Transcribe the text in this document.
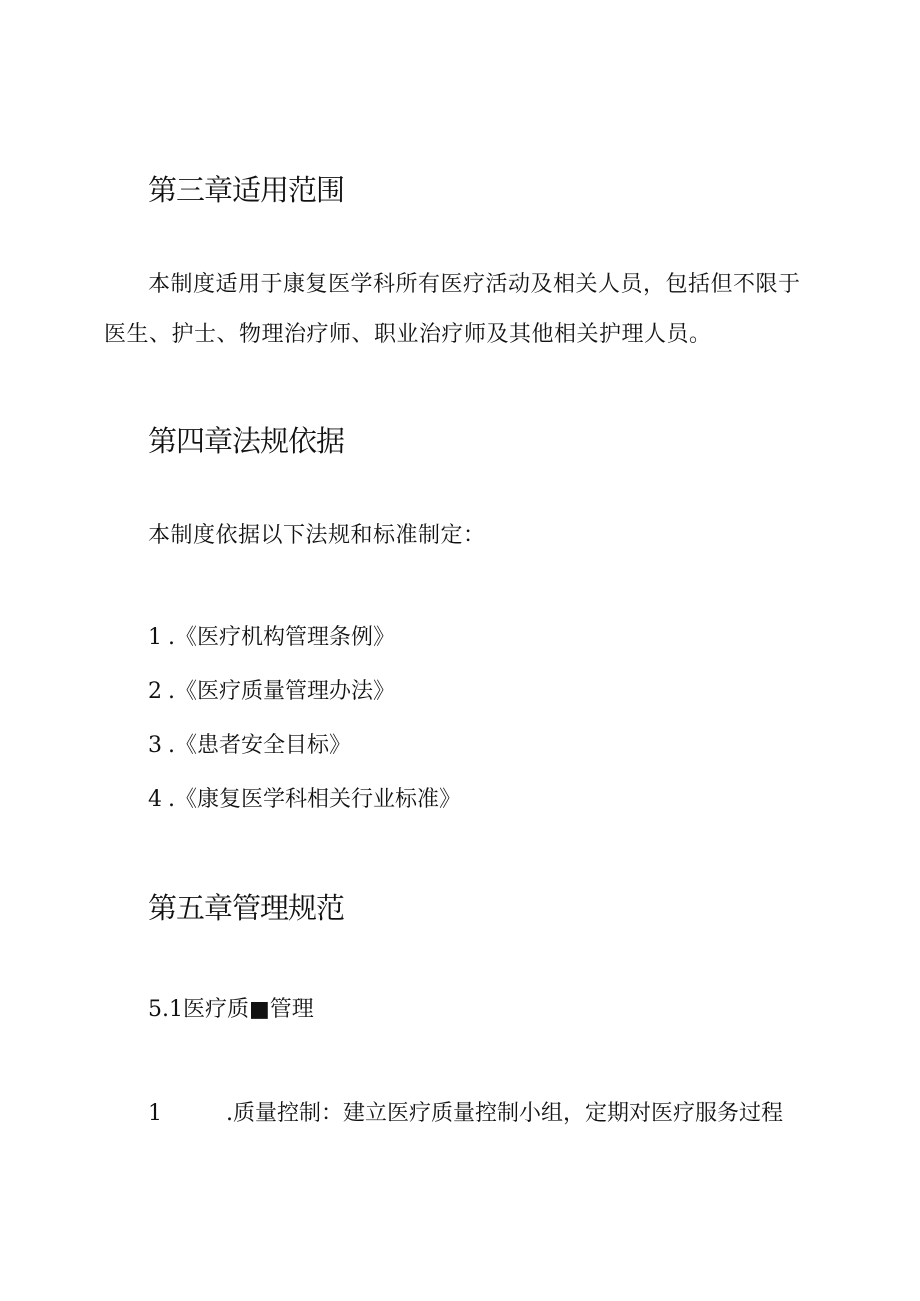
第三章适用范围

本制度适用于康复医学科所有医疗活动及相关人员，包括但不限于

医生、护士、物理治疗师、职业治疗师及其他相关护理人员。

第四章法规依据

本制度依据以下法规和标准制定：

1 .《医疗机构管理条例》
2 .《医疗质量管理办法》
3 .《患者安全目标》
4 .《康复医学科相关行业标准》
第五章管理规范
5.1医疗质■管理
1	.质量控制：建立医疗质量控制小组，定期对医疗服务过程
